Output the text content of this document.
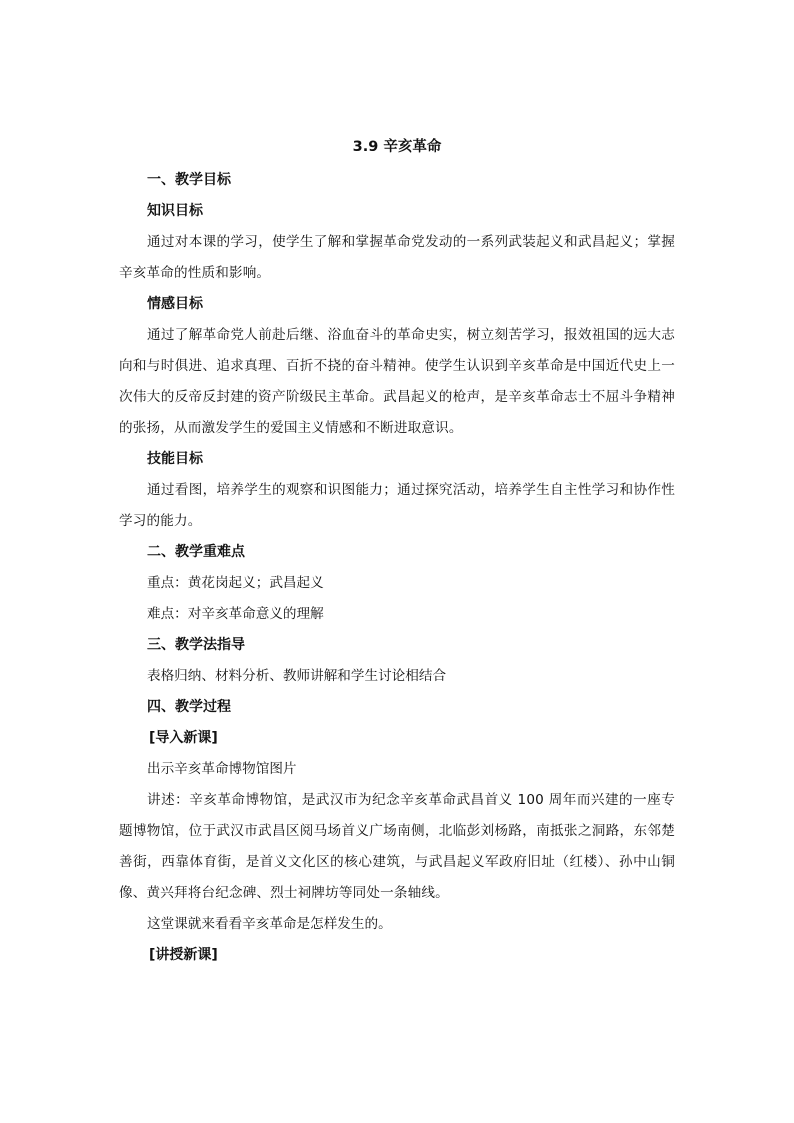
3.9 辛亥革命
一、教学目标
知识目标

通过对本课的学习，使学生了解和掌握革命党发动的一系列武装起义和武昌起义；掌握辛亥革命的性质和影响。

情感目标

通过了解革命党人前赴后继、浴血奋斗的革命史实，树立刻苦学习，报效祖国的远大志向和与时俱进、追求真理、百折不挠的奋斗精神。使学生认识到辛亥革命是中国近代史上一次伟大的反帝反封建的资产阶级民主革命。武昌起义的枪声，是辛亥革命志士不屈斗争精神的张扬，从而激发学生的爱国主义情感和不断进取意识。

技能目标

通过看图，培养学生的观察和识图能力；通过探究活动，培养学生自主性学习和协作性学习的能力。

二、教学重难点
重点：黄花岗起义；武昌起义
难点：对辛亥革命意义的理解
三、教学法指导
表格归纳、材料分析、教师讲解和学生讨论相结合
四、教学过程
[导入新课]
出示辛亥革命博物馆图片

讲述：辛亥革命博物馆，是武汉市为纪念辛亥革命武昌首义 100 周年而兴建的一座专题博物馆，位于武汉市武昌区阅马场首义广场南侧，北临彭刘杨路，南抵张之洞路，东邻楚善街，西靠体育街，是首义文化区的核心建筑，与武昌起义军政府旧址（红楼）、孙中山铜像、黄兴拜将台纪念碑、烈士祠牌坊等同处一条轴线。

这堂课就来看看辛亥革命是怎样发生的。
[讲授新课]
